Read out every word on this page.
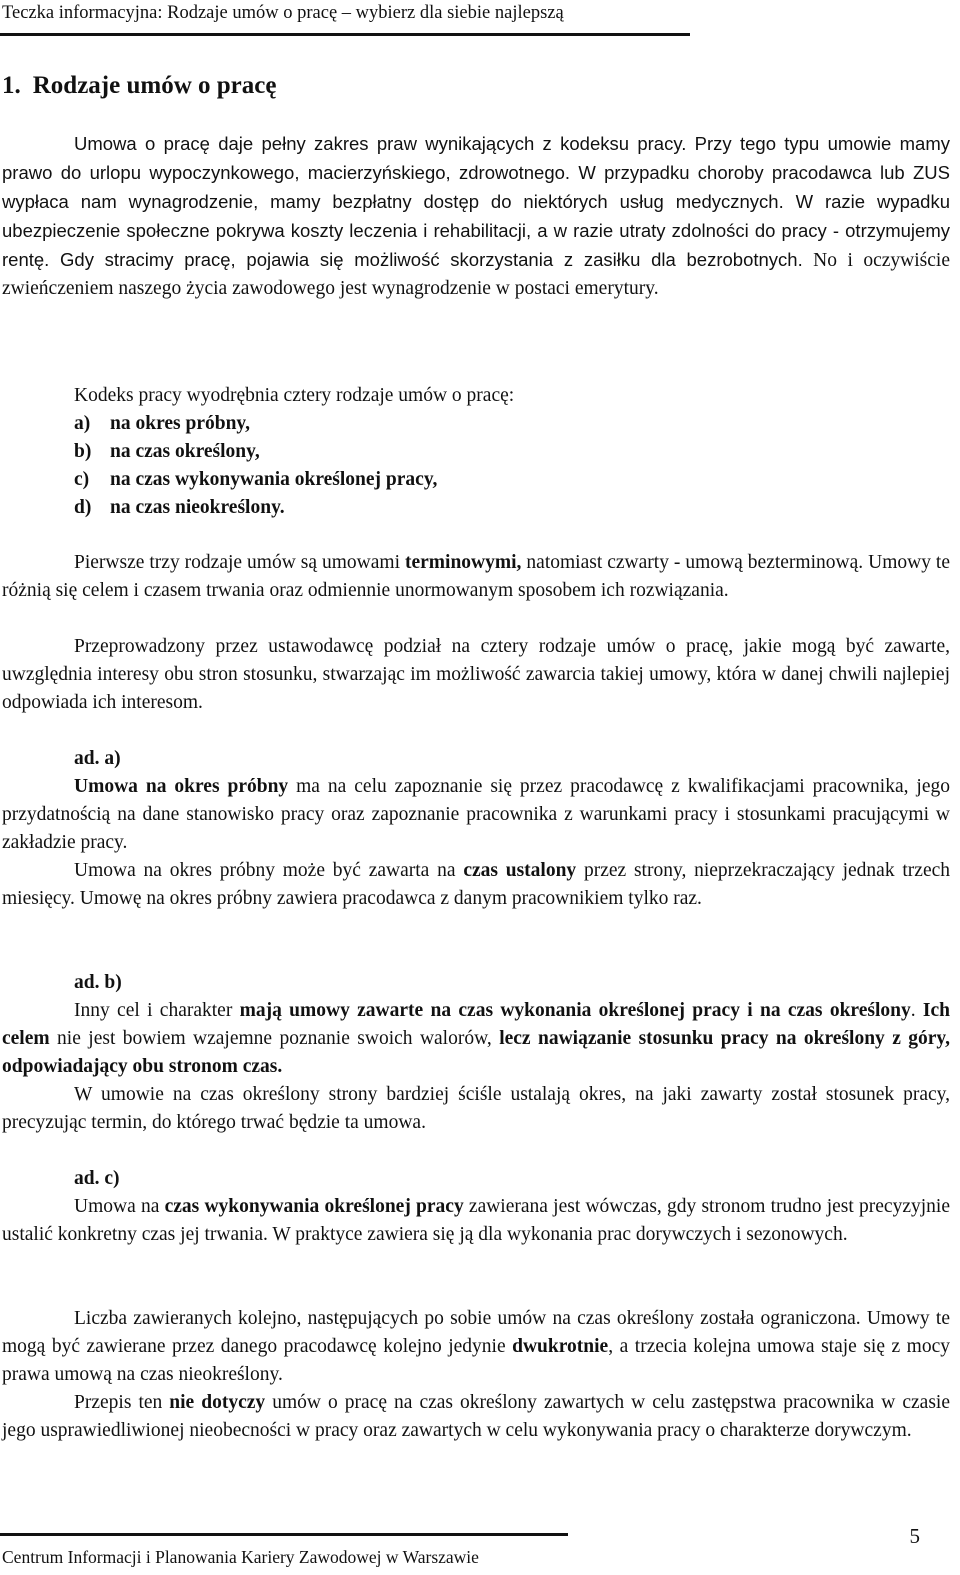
Teczka informacyjna: Rodzaje umów o pracę – wybierz dla siebie najlepszą
1. Rodzaje umów o pracę

Umowa o pracę daje pełny zakres praw wynikających z kodeksu pracy. Przy tego typu umowie mamy prawo do urlopu wypoczynkowego, macierzyńskiego, zdrowotnego. W przypadku choroby pracodawca lub ZUS wypłaca nam wynagrodzenie, mamy bezpłatny dostęp do niektórych usług medycznych. W razie wypadku ubezpieczenie społeczne pokrywa koszty leczenia i rehabilitacji, a w razie utraty zdolności do pracy - otrzymujemy rentę. Gdy stracimy pracę, pojawia się możliwość skorzystania z zasiłku dla bezrobotnych. No i oczywiście zwieńczeniem naszego życia zawodowego jest wynagrodzenie w postaci emerytury.

Kodeks pracy wyodrębnia cztery rodzaje umów o pracę:

a) na okres próbny,
b) na czas określony,
c) na czas wykonywania określonej pracy,
d) na czas nieokreślony.

Pierwsze trzy rodzaje umów są umowami terminowymi, natomiast czwarty - umową bezterminową. Umowy te różnią się celem i czasem trwania oraz odmiennie unormowanym sposobem ich rozwiązania.

Przeprowadzony przez ustawodawcę podział na cztery rodzaje umów o pracę, jakie mogą być zawarte, uwzględnia interesy obu stron stosunku, stwarzając im możliwość zawarcia takiej umowy, która w danej chwili najlepiej odpowiada ich interesom.

ad. a)

Umowa na okres próbny ma na celu zapoznanie się przez pracodawcę z kwalifikacjami pracownika, jego przydatnością na dane stanowisko pracy oraz zapoznanie pracownika z warunkami pracy i stosunkami pracującymi w zakładzie pracy.

Umowa na okres próbny może być zawarta na czas ustalony przez strony, nieprzekraczający jednak trzech miesięcy. Umowę na okres próbny zawiera pracodawca z danym pracownikiem tylko raz.

ad. b)

Inny cel i charakter mają umowy zawarte na czas wykonania określonej pracy i na czas określony. Ich celem nie jest bowiem wzajemne poznanie swoich walorów, lecz nawiązanie stosunku pracy na określony z góry, odpowiadający obu stronom czas.

W umowie na czas określony strony bardziej ściśle ustalają okres, na jaki zawarty został stosunek pracy, precyzując termin, do którego trwać będzie ta umowa.

ad. c)

Umowa na czas wykonywania określonej pracy zawierana jest wówczas, gdy stronom trudno jest precyzyjnie ustalić konkretny czas jej trwania. W praktyce zawiera się ją dla wykonania prac dorywczych i sezonowych.

Liczba zawieranych kolejno, następujących po sobie umów na czas określony została ograniczona. Umowy te mogą być zawierane przez danego pracodawcę kolejno jedynie dwukrotnie, a trzecia kolejna umowa staje się z mocy prawa umową na czas nieokreślony.

Przepis ten nie dotyczy umów o pracę na czas określony zawartych w celu zastępstwa pracownika w czasie jego usprawiedliwionej nieobecności w pracy oraz zawartych w celu wykonywania pracy o charakterze dorywczym.

Centrum Informacji i Planowania Kariery Zawodowej w Warszawie
5
